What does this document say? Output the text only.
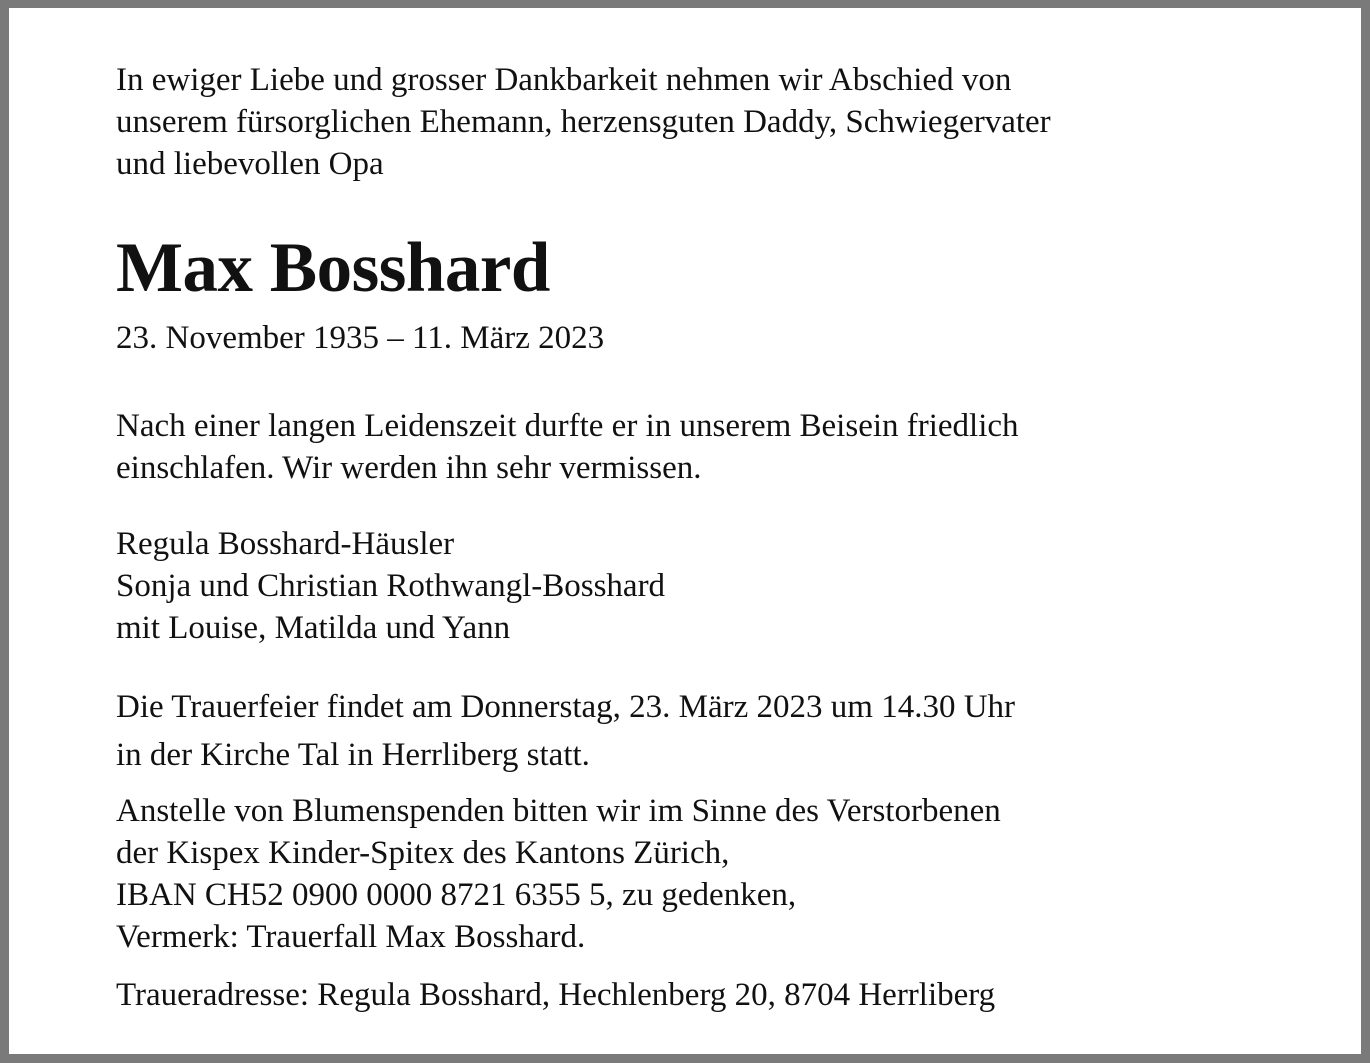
In ewiger Liebe und grosser Dankbarkeit nehmen wir Abschied von
unserem fürsorglichen Ehemann, herzensguten Daddy, Schwiegervater
und liebevollen Opa
Max Bosshard
23. November 1935 – 11. März 2023
Nach einer langen Leidenszeit durfte er in unserem Beisein friedlich
einschlafen. Wir werden ihn sehr vermissen.
Regula Bosshard-Häusler
Sonja und Christian Rothwangl-Bosshard
mit Louise, Matilda und Yann
Die Trauerfeier findet am Donnerstag, 23. März 2023 um 14.30 Uhr
in der Kirche Tal in Herrliberg statt.
Anstelle von Blumenspenden bitten wir im Sinne des Verstorbenen
der Kispex Kinder-Spitex des Kantons Zürich,
IBAN CH52 0900 0000 8721 6355 5, zu gedenken,
Vermerk: Trauerfall Max Bosshard.
Traueradresse: Regula Bosshard, Hechlenberg 20, 8704 Herrliberg
